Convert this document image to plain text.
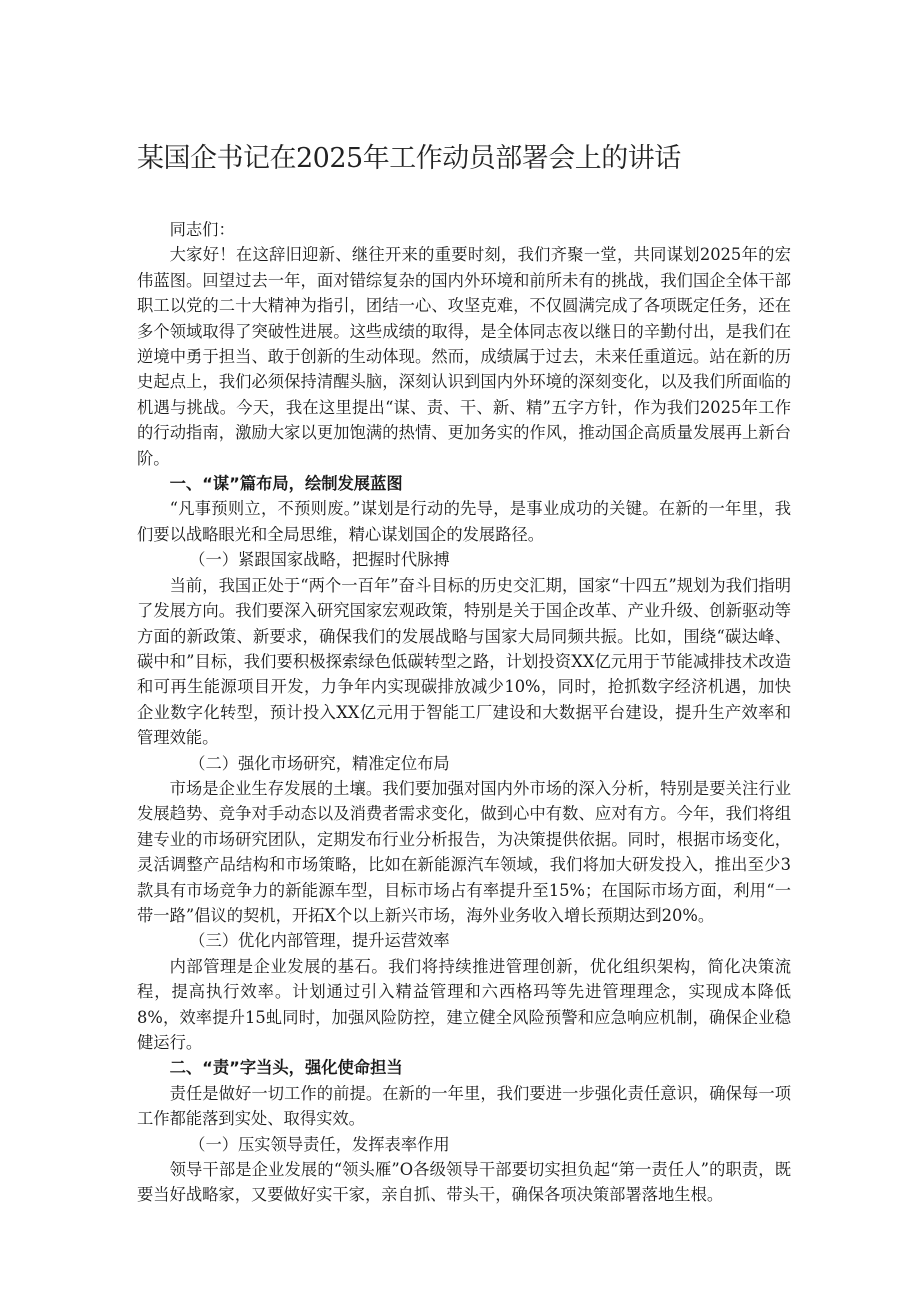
某国企书记在2025年工作动员部署会上的讲话

同志们：

大家好！在这辞旧迎新、继往开来的重要时刻，我们齐聚一堂，共同谋划2025年的宏伟蓝图。回望过去一年，面对错综复杂的国内外环境和前所未有的挑战，我们国企全体干部职工以党的二十大精神为指引，团结一心、攻坚克难，不仅圆满完成了各项既定任务，还在多个领域取得了突破性进展。这些成绩的取得，是全体同志夜以继日的辛勤付出，是我们在逆境中勇于担当、敢于创新的生动体现。然而，成绩属于过去，未来任重道远。站在新的历史起点上，我们必须保持清醒头脑，深刻认识到国内外环境的深刻变化，以及我们所面临的机遇与挑战。今天，我在这里提出“谋、责、干、新、精”五字方针，作为我们2025年工作的行动指南，激励大家以更加饱满的热情、更加务实的作风，推动国企高质量发展再上新台阶。

一、“谋”篇布局，绘制发展蓝图

“凡事预则立，不预则废。”谋划是行动的先导，是事业成功的关键。在新的一年里，我们要以战略眼光和全局思维，精心谋划国企的发展路径。

（一）紧跟国家战略，把握时代脉搏

当前，我国正处于“两个一百年”奋斗目标的历史交汇期，国家“十四五”规划为我们指明了发展方向。我们要深入研究国家宏观政策，特别是关于国企改革、产业升级、创新驱动等方面的新政策、新要求，确保我们的发展战略与国家大局同频共振。比如，围绕“碳达峰、碳中和”目标，我们要积极探索绿色低碳转型之路，计划投资XX亿元用于节能减排技术改造和可再生能源项目开发，力争年内实现碳排放减少10%，同时，抢抓数字经济机遇，加快企业数字化转型，预计投入XX亿元用于智能工厂建设和大数据平台建设，提升生产效率和管理效能。

（二）强化市场研究，精准定位布局

市场是企业生存发展的土壤。我们要加强对国内外市场的深入分析，特别是要关注行业发展趋势、竞争对手动态以及消费者需求变化，做到心中有数、应对有方。今年，我们将组建专业的市场研究团队，定期发布行业分析报告，为决策提供依据。同时，根据市场变化，灵活调整产品结构和市场策略，比如在新能源汽车领域，我们将加大研发投入，推出至少3款具有市场竞争力的新能源车型，目标市场占有率提升至15%；在国际市场方面，利用“一带一路”倡议的契机，开拓X个以上新兴市场，海外业务收入增长预期达到20%。

（三）优化内部管理，提升运营效率

内部管理是企业发展的基石。我们将持续推进管理创新，优化组织架构，简化决策流程，提高执行效率。计划通过引入精益管理和六西格玛等先进管理理念，实现成本降低8%，效率提升15虬同时，加强风险防控，建立健全风险预警和应急响应机制，确保企业稳健运行。

二、“责”字当头，强化使命担当

责任是做好一切工作的前提。在新的一年里，我们要进一步强化责任意识，确保每一项工作都能落到实处、取得实效。

（一）压实领导责任，发挥表率作用

领导干部是企业发展的“领头雁”O各级领导干部要切实担负起“第一责任人”的职责，既要当好战略家，又要做好实干家，亲自抓、带头干，确保各项决策部署落地生根。
